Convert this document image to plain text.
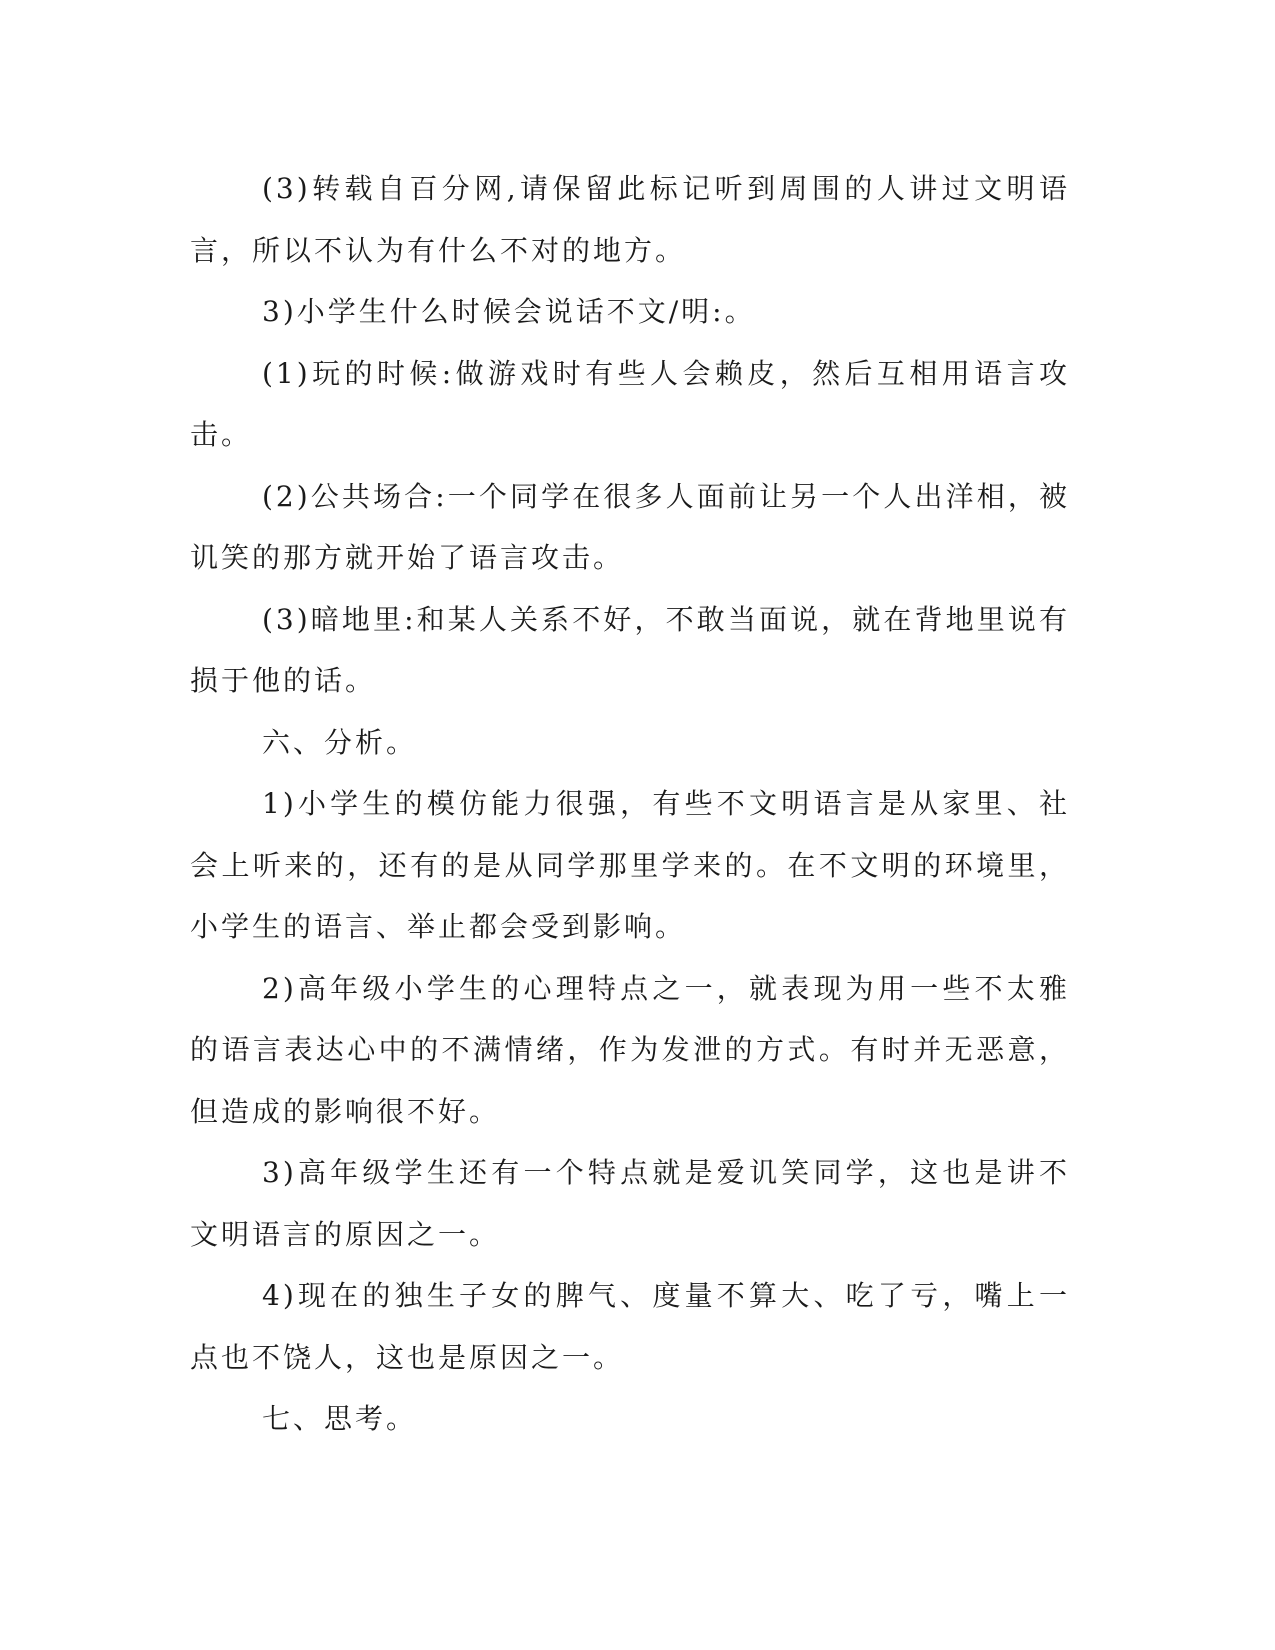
(3)转载自百分网,请保留此标记听到周围的人讲过文明语言，所以不认为有什么不对的地方。

3)小学生什么时候会说话不文/明:。

(1)玩的时候:做游戏时有些人会赖皮，然后互相用语言攻击。

(2)公共场合:一个同学在很多人面前让另一个人出洋相，被讥笑的那方就开始了语言攻击。

(3)暗地里:和某人关系不好，不敢当面说，就在背地里说有损于他的话。

六、分析。

1)小学生的模仿能力很强，有些不文明语言是从家里、社会上听来的，还有的是从同学那里学来的。在不文明的环境里，小学生的语言、举止都会受到影响。

2)高年级小学生的心理特点之一，就表现为用一些不太雅的语言表达心中的不满情绪，作为发泄的方式。有时并无恶意，但造成的影响很不好。

3)高年级学生还有一个特点就是爱讥笑同学，这也是讲不文明语言的原因之一。

4)现在的独生子女的脾气、度量不算大、吃了亏，嘴上一点也不饶人，这也是原因之一。

七、思考。
